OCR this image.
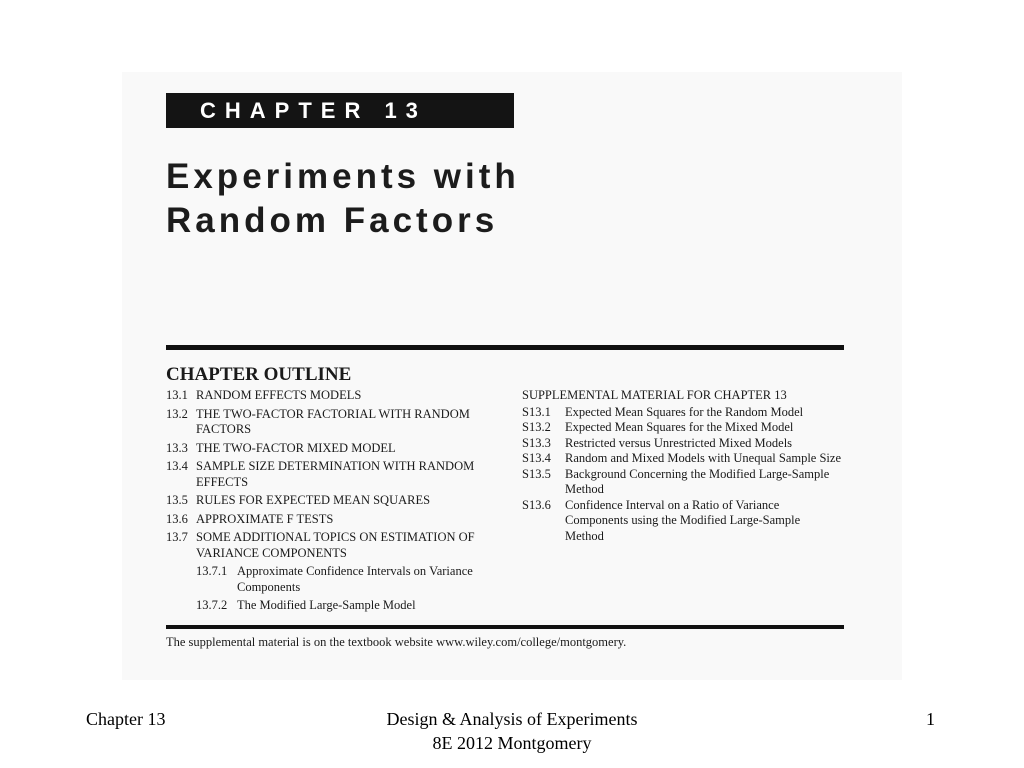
CHAPTER 13
Experiments with
Random Factors
CHAPTER OUTLINE
13.1 RANDOM EFFECTS MODELS
13.2 THE TWO-FACTOR FACTORIAL WITH RANDOM FACTORS
13.3 THE TWO-FACTOR MIXED MODEL
13.4 SAMPLE SIZE DETERMINATION WITH RANDOM EFFECTS
13.5 RULES FOR EXPECTED MEAN SQUARES
13.6 APPROXIMATE F TESTS
13.7 SOME ADDITIONAL TOPICS ON ESTIMATION OF VARIANCE COMPONENTS
13.7.1 Approximate Confidence Intervals on Variance Components
13.7.2 The Modified Large-Sample Model
SUPPLEMENTAL MATERIAL FOR CHAPTER 13
S13.1	Expected Mean Squares for the Random Model
S13.2	Expected Mean Squares for the Mixed Model
S13.3	Restricted versus Unrestricted Mixed Models
S13.4	Random and Mixed Models with Unequal Sample Size
S13.5	Background Concerning the Modified Large-Sample Method
S13.6	Confidence Interval on a Ratio of Variance Components using the Modified Large-Sample Method
The supplemental material is on the textbook website www.wiley.com/college/montgomery.
Chapter 13	Design & Analysis of Experiments
8E 2012 Montgomery
1
